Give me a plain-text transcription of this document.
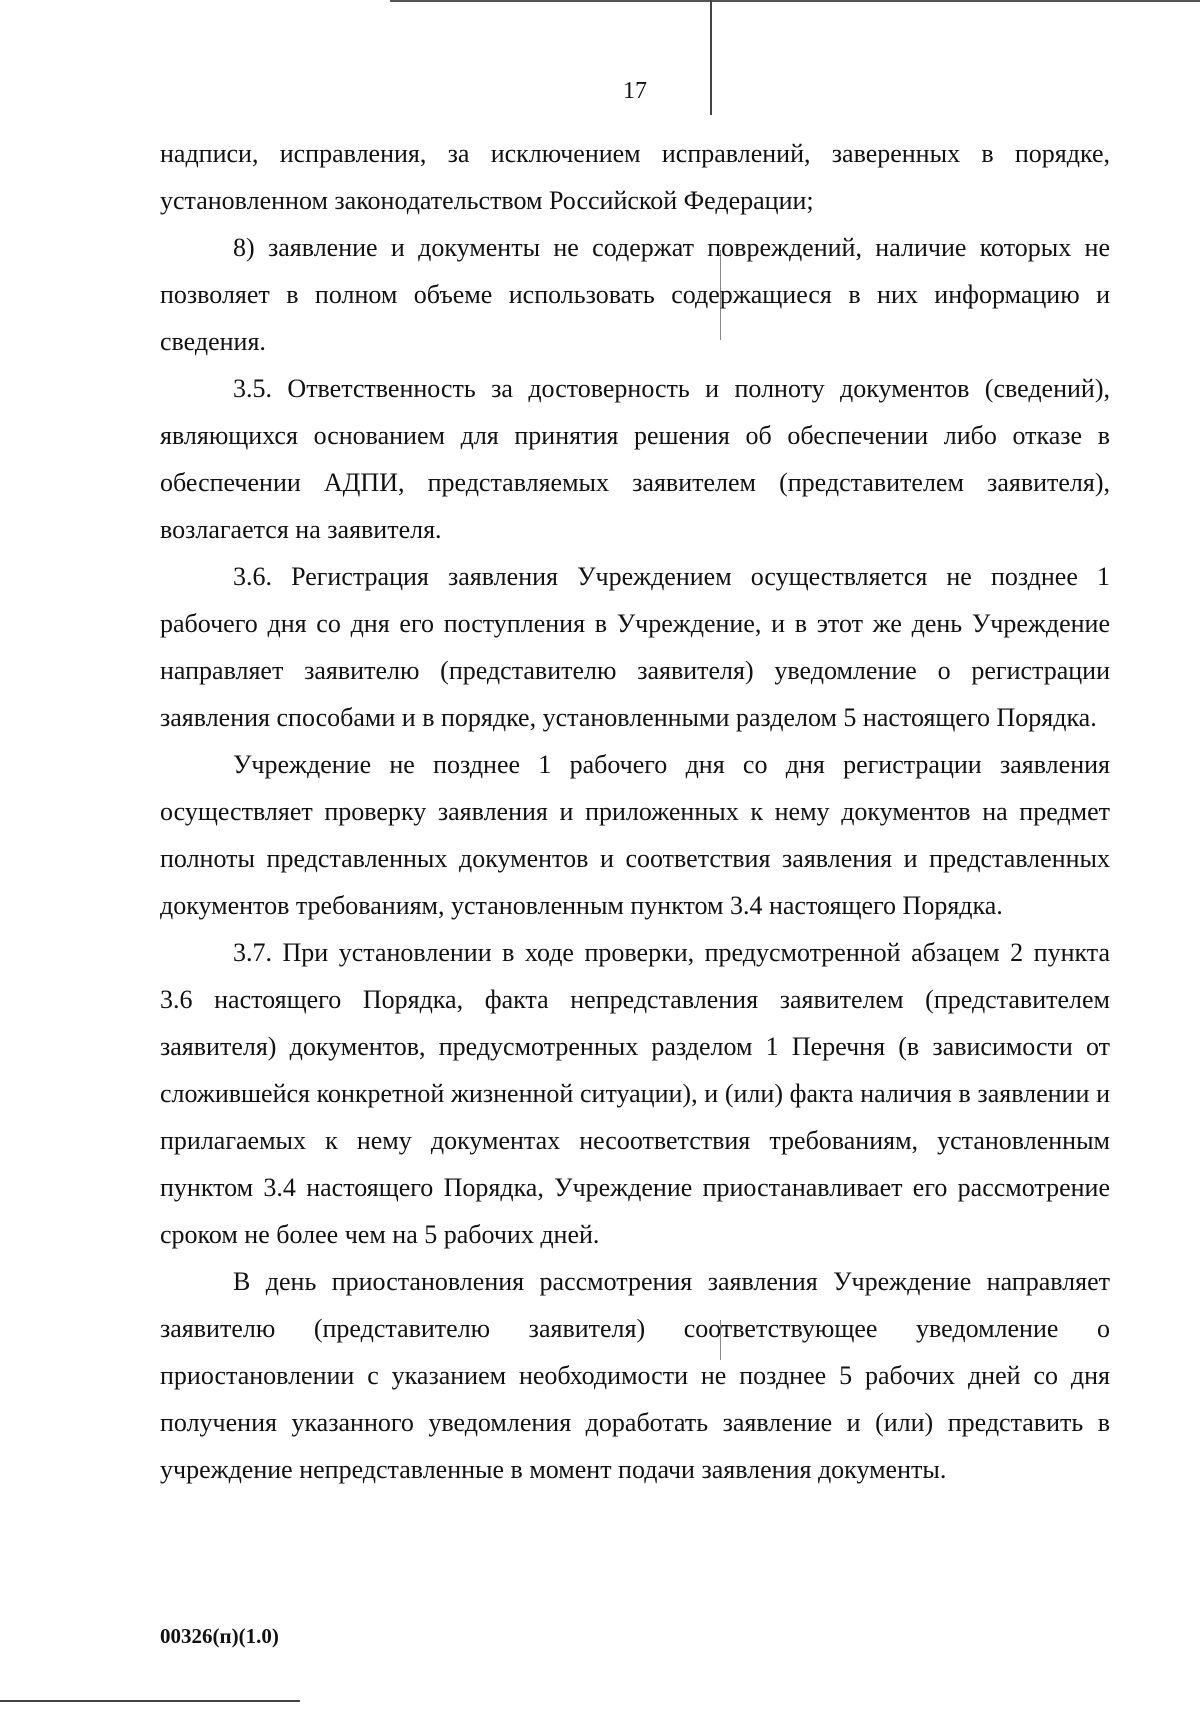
17

надписи, исправления, за исключением исправлений, заверенных в порядке, установленном законодательством Российской Федерации;

8) заявление и документы не содержат повреждений, наличие которых не позволяет в полном объеме использовать содержащиеся в них информацию и сведения.

3.5. Ответственность за достоверность и полноту документов (сведений), являющихся основанием для принятия решения об обеспечении либо отказе в обеспечении АДПИ, представляемых заявителем (представителем заявителя), возлагается на заявителя.

3.6. Регистрация заявления Учреждением осуществляется не позднее 1 рабочего дня со дня его поступления в Учреждение, и в этот же день Учреждение направляет заявителю (представителю заявителя) уведомление о регистрации заявления способами и в порядке, установленными разделом 5 настоящего Порядка.

Учреждение не позднее 1 рабочего дня со дня регистрации заявления осуществляет проверку заявления и приложенных к нему документов на предмет полноты представленных документов и соответствия заявления и представленных документов требованиям, установленным пунктом 3.4 настоящего Порядка.

3.7. При установлении в ходе проверки, предусмотренной абзацем 2 пункта 3.6 настоящего Порядка, факта непредставления заявителем (представителем заявителя) документов, предусмотренных разделом 1 Перечня (в зависимости от сложившейся конкретной жизненной ситуации), и (или) факта наличия в заявлении и прилагаемых к нему документах несоответствия требованиям, установленным пунктом 3.4 настоящего Порядка, Учреждение приостанавливает его рассмотрение сроком не более чем на 5 рабочих дней.

В день приостановления рассмотрения заявления Учреждение направляет заявителю (представителю заявителя) соответствующее уведомление о приостановлении с указанием необходимости не позднее 5 рабочих дней со дня получения указанного уведомления доработать заявление и (или) представить в учреждение непредставленные в момент подачи заявления документы.

00326(п)(1.0)
